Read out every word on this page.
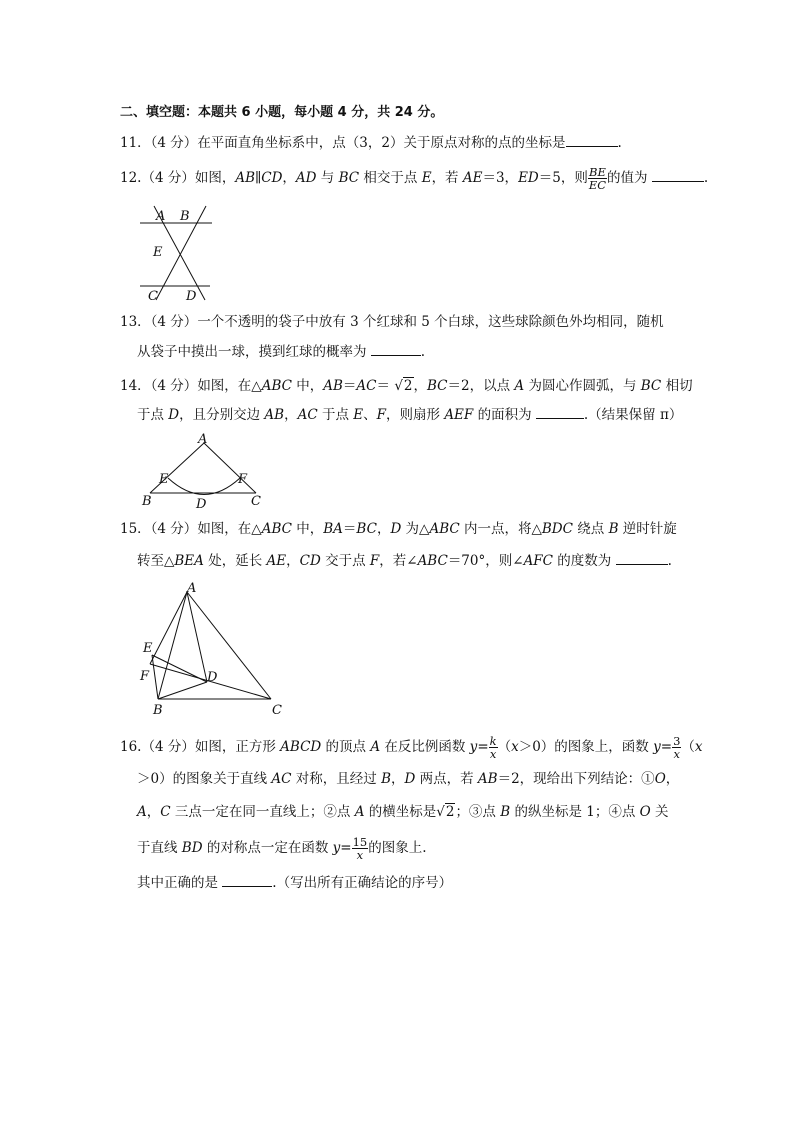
二、填空题：本题共 6 小题，每小题 4 分，共 24 分。
11．（4 分）在平面直角坐标系中，点（3，2）关于原点对称的点的坐标是	.
12.（4 分）如图，AB∥CD，AD 与 BC 相交于点 E，若 AE＝3，ED＝5，则 $\frac{BE}{EC}$ 的值为	.
A B
E
C D
13．（4 分）一个不透明的袋子中放有 3 个红球和 5 个白球，这些球除颜色外均相同，随机
从袋子中摸出一球，摸到红球的概率为	.
14．（4 分）如图，在△ABC 中，AB＝AC＝ √2，BC＝2，以点 A 为圆心作圆弧，与 BC 相切
于点 D，且分别交边 AB，AC 于点 E、F，则扇形 AEF 的面积为	.（结果保留 π）
A
E	F
B	D	C
15．（4 分）如图，在△ABC 中，BA＝BC，D 为△ABC 内一点，将△BDC 绕点 B 逆时针旋
转至△BEA 处，延长 AE，CD 交于点 F，若∠ABC＝70°，则∠AFC 的度数为	.
A
E
F	D
B	C
16.（4 分）如图，正方形 ABCD 的顶点 A 在反比例函数 $y= \frac{k}{x} (x>0)$的图象上，函数 $y= \frac{3}{x} (x$
＞0）的图象关于直线 AC 对称，且经过 B，D 两点，若 AB＝2，现给出下列结论：①O，
A，C 三点一定在同一直线上；②点 A 的横坐标是√2；③点 B 的纵坐标是 1；④点 O 关
于直线 BD 的对称点一定在函数 $y= \frac{15}{x}$ 的图象上.
其中正确的是	.（写出所有正确结论的序号）
